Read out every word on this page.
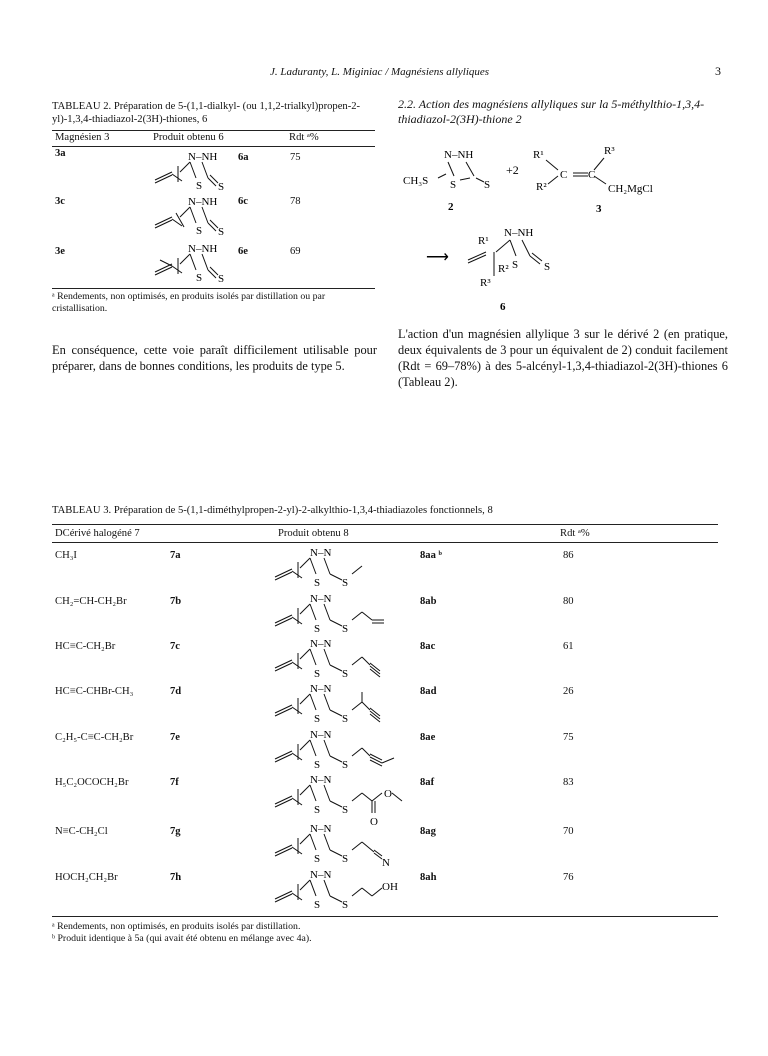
J. Laduranty, L. Miginiac / Magnésiens allyliques	3
TABLEAU 2. Préparation de 5-(1,1-dialkyl- (ou 1,1,2-trialkyl)propen-2-yl)-1,3,4-thiadiazol-2(3H)-thiones, 6
Magnésien 3	Produit obtenu 6	Rdt ᵃ%
3a	6a	75
N–NH
S S
3c	6c	78
N–NH
S S
3e	6e	69
N–NH
S S
ᵃ Rendements, non optimisés, en produits isolés par distillation ou par cristallisation.
En conséquence, cette voie paraît difficilement utilisable pour préparer, dans de bonnes conditions, les produits de type 5.
2.2. Action des magnésiens allyliques sur la 5-méthylthio-1,3,4-thiadiazol-2(3H)-thione 2
N–NH
CH₃S S	S
+2
R¹
R²
C C
R³
CH₂MgCl
2	3
⟶
R¹
N–NH
R²
R³
S S
6
L'action d'un magnésien allylique 3 sur le dérivé 2 (en pratique, deux équivalents de 3 pour un équivalent de 2) conduit facilement (Rdt = 69–78%) à des 5-alcényl-1,3,4-thiadiazol-2(3H)-thiones 6 (Tableau 2).
TABLEAU 3. Préparation de 5-(1,1-diméthylpropen-2-yl)-2-alkylthio-1,3,4-thiadiazoles fonctionnels, 8
DCérivé halogéné 7	Produit obtenu 8	Rdt ᵃ%
CH₃I	7a	8aa ᵇ	86
N–N
S S
CH₂=CH-CH₂Br	7b	8ab	80
N–N
S S
HC≡C-CH₂Br	7c	8ac	61
N–N
S S
HC≡C-CHBr-CH₃	7d	8ad	26
N–N
S S
C₂H₅-C≡C-CH₂Br	7e	8ae	75
N–N
S S
H₅C₂OCOCH₂Br	7f	8af	83
N–N
S S
O
O
N≡C-CH₂Cl	7g	8ag	70
N–N
S S	N
HOCH₂CH₂Br	7h	8ah	76
N–N
S S
OH
ᵃ Rendements, non optimisés, en produits isolés par distillation.
ᵇ Produit identique à 5a (qui avait été obtenu en mélange avec 4a).
